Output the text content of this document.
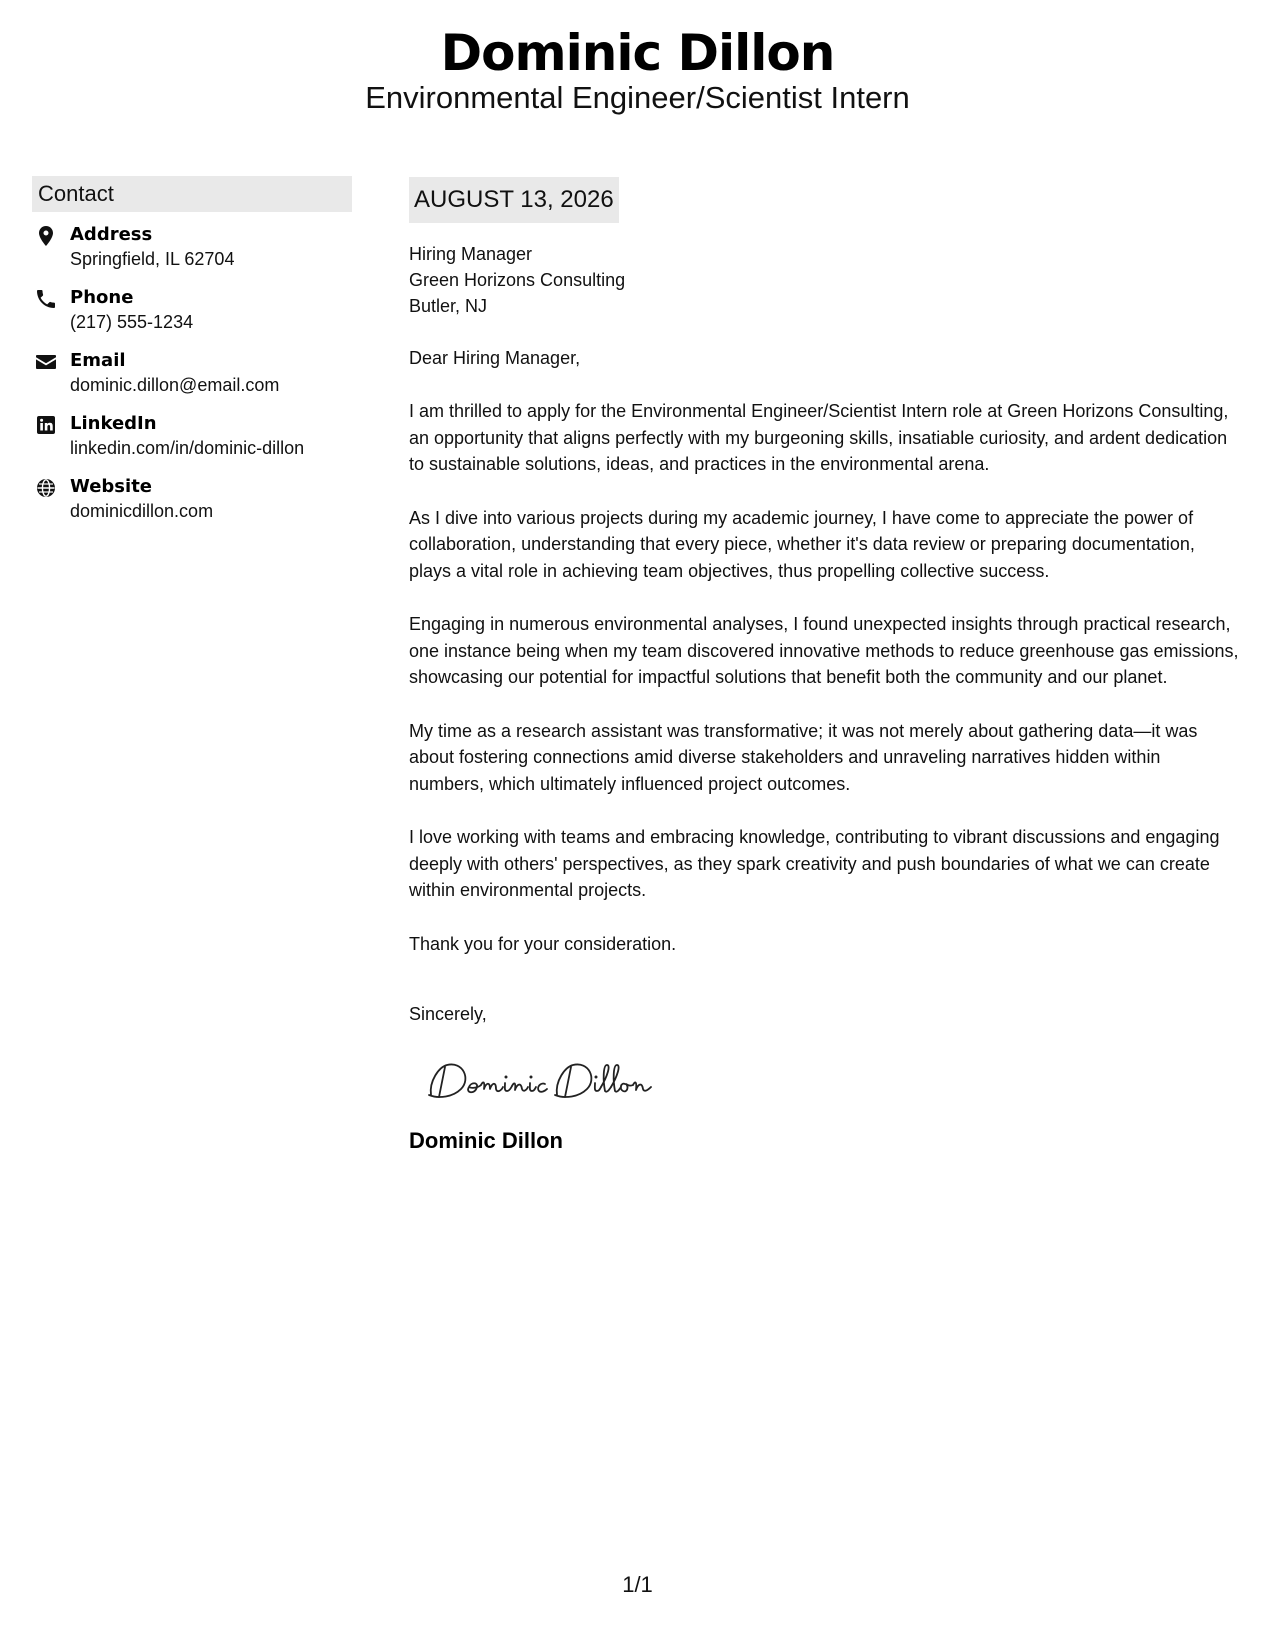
Dominic Dillon
Environmental Engineer/Scientist Intern
Contact
Address
Springfield, IL 62704
Phone
(217) 555-1234
Email
dominic.dillon@email.com
LinkedIn
linkedin.com/in/dominic-dillon
Website
dominicdillon.com
AUGUST 13, 2026
Hiring Manager
Green Horizons Consulting
Butler, NJ
Dear Hiring Manager,
I am thrilled to apply for the Environmental Engineer/Scientist Intern role at Green Horizons Consulting, an opportunity that aligns perfectly with my burgeoning skills, insatiable curiosity, and ardent dedication to sustainable solutions, ideas, and practices in the environmental arena.
As I dive into various projects during my academic journey, I have come to appreciate the power of collaboration, understanding that every piece, whether it's data review or preparing documentation, plays a vital role in achieving team objectives, thus propelling collective success.
Engaging in numerous environmental analyses, I found unexpected insights through practical research, one instance being when my team discovered innovative methods to reduce greenhouse gas emissions, showcasing our potential for impactful solutions that benefit both the community and our planet.
My time as a research assistant was transformative; it was not merely about gathering data—it was about fostering connections amid diverse stakeholders and unraveling narratives hidden within numbers, which ultimately influenced project outcomes.
I love working with teams and embracing knowledge, contributing to vibrant discussions and engaging deeply with others' perspectives, as they spark creativity and push boundaries of what we can create within environmental projects.
Thank you for your consideration.
Sincerely,
Dominic Dillon
1/1
